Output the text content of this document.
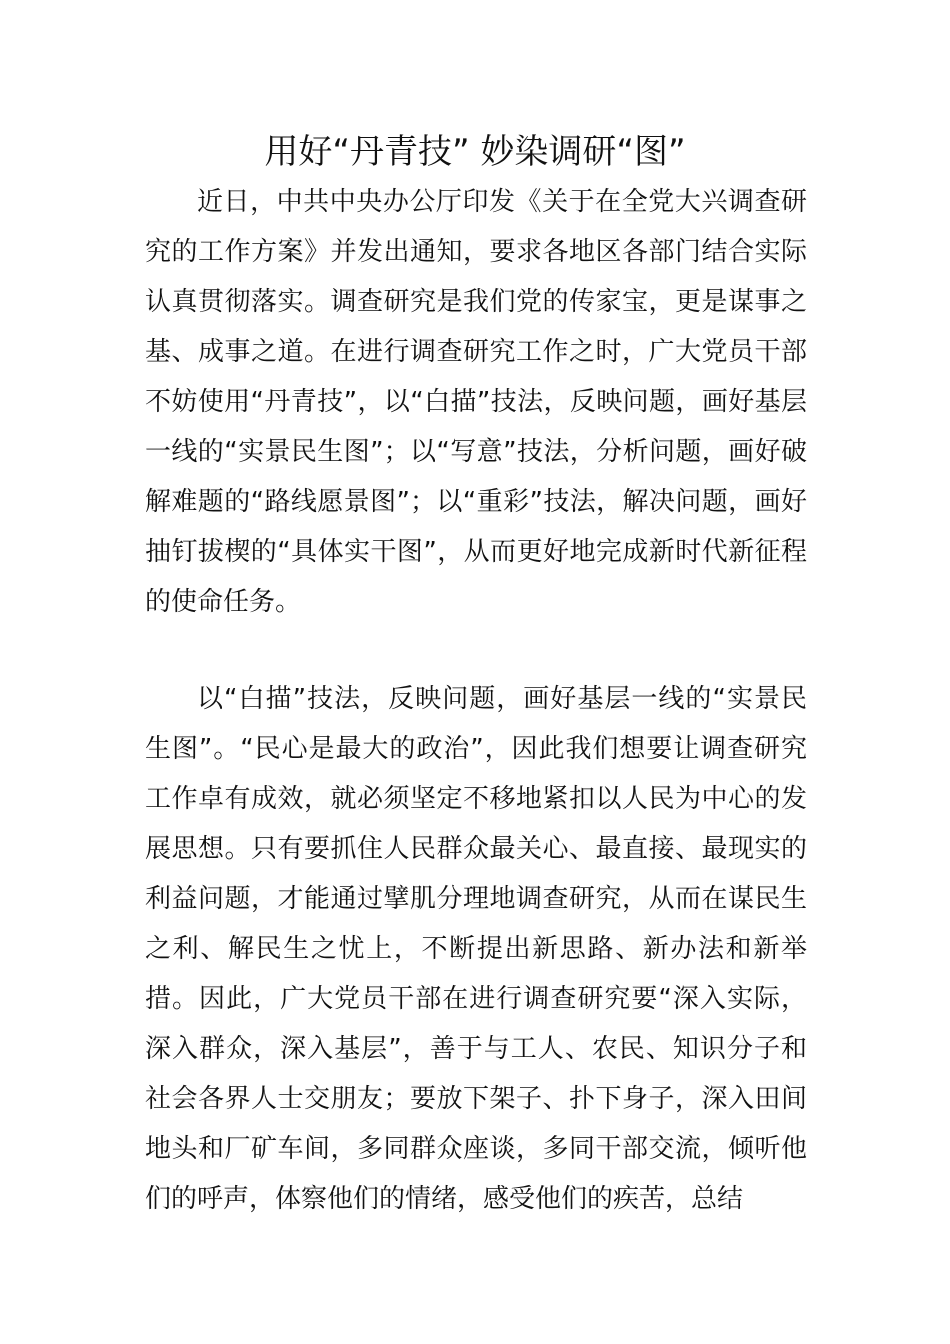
用好“丹青技” 妙染调研“图”

近日，中共中央办公厅印发《关于在全党大兴调查研究的工作方案》并发出通知，要求各地区各部门结合实际认真贯彻落实。调查研究是我们党的传家宝，更是谋事之基、成事之道。在进行调查研究工作之时，广大党员干部不妨使用“丹青技”，以“白描”技法，反映问题，画好基层一线的“实景民生图”；以“写意”技法，分析问题，画好破解难题的“路线愿景图”；以“重彩”技法，解决问题，画好抽钉拔楔的“具体实干图”，从而更好地完成新时代新征程的使命任务。

以“白描”技法，反映问题，画好基层一线的“实景民生图”。“民心是最大的政治”，因此我们想要让调查研究工作卓有成效，就必须坚定不移地紧扣以人民为中心的发展思想。只有要抓住人民群众最关心、最直接、最现实的利益问题，才能通过擘肌分理地调查研究，从而在谋民生之利、解民生之忧上，不断提出新思路、新办法和新举措。因此，广大党员干部在进行调查研究要“深入实际，深入群众，深入基层”，善于与工人、农民、知识分子和社会各界人士交朋友；要放下架子、扑下身子，深入田间地头和厂矿车间，多同群众座谈，多同干部交流，倾听他们的呼声，体察他们的情绪，感受他们的疾苦，总结
